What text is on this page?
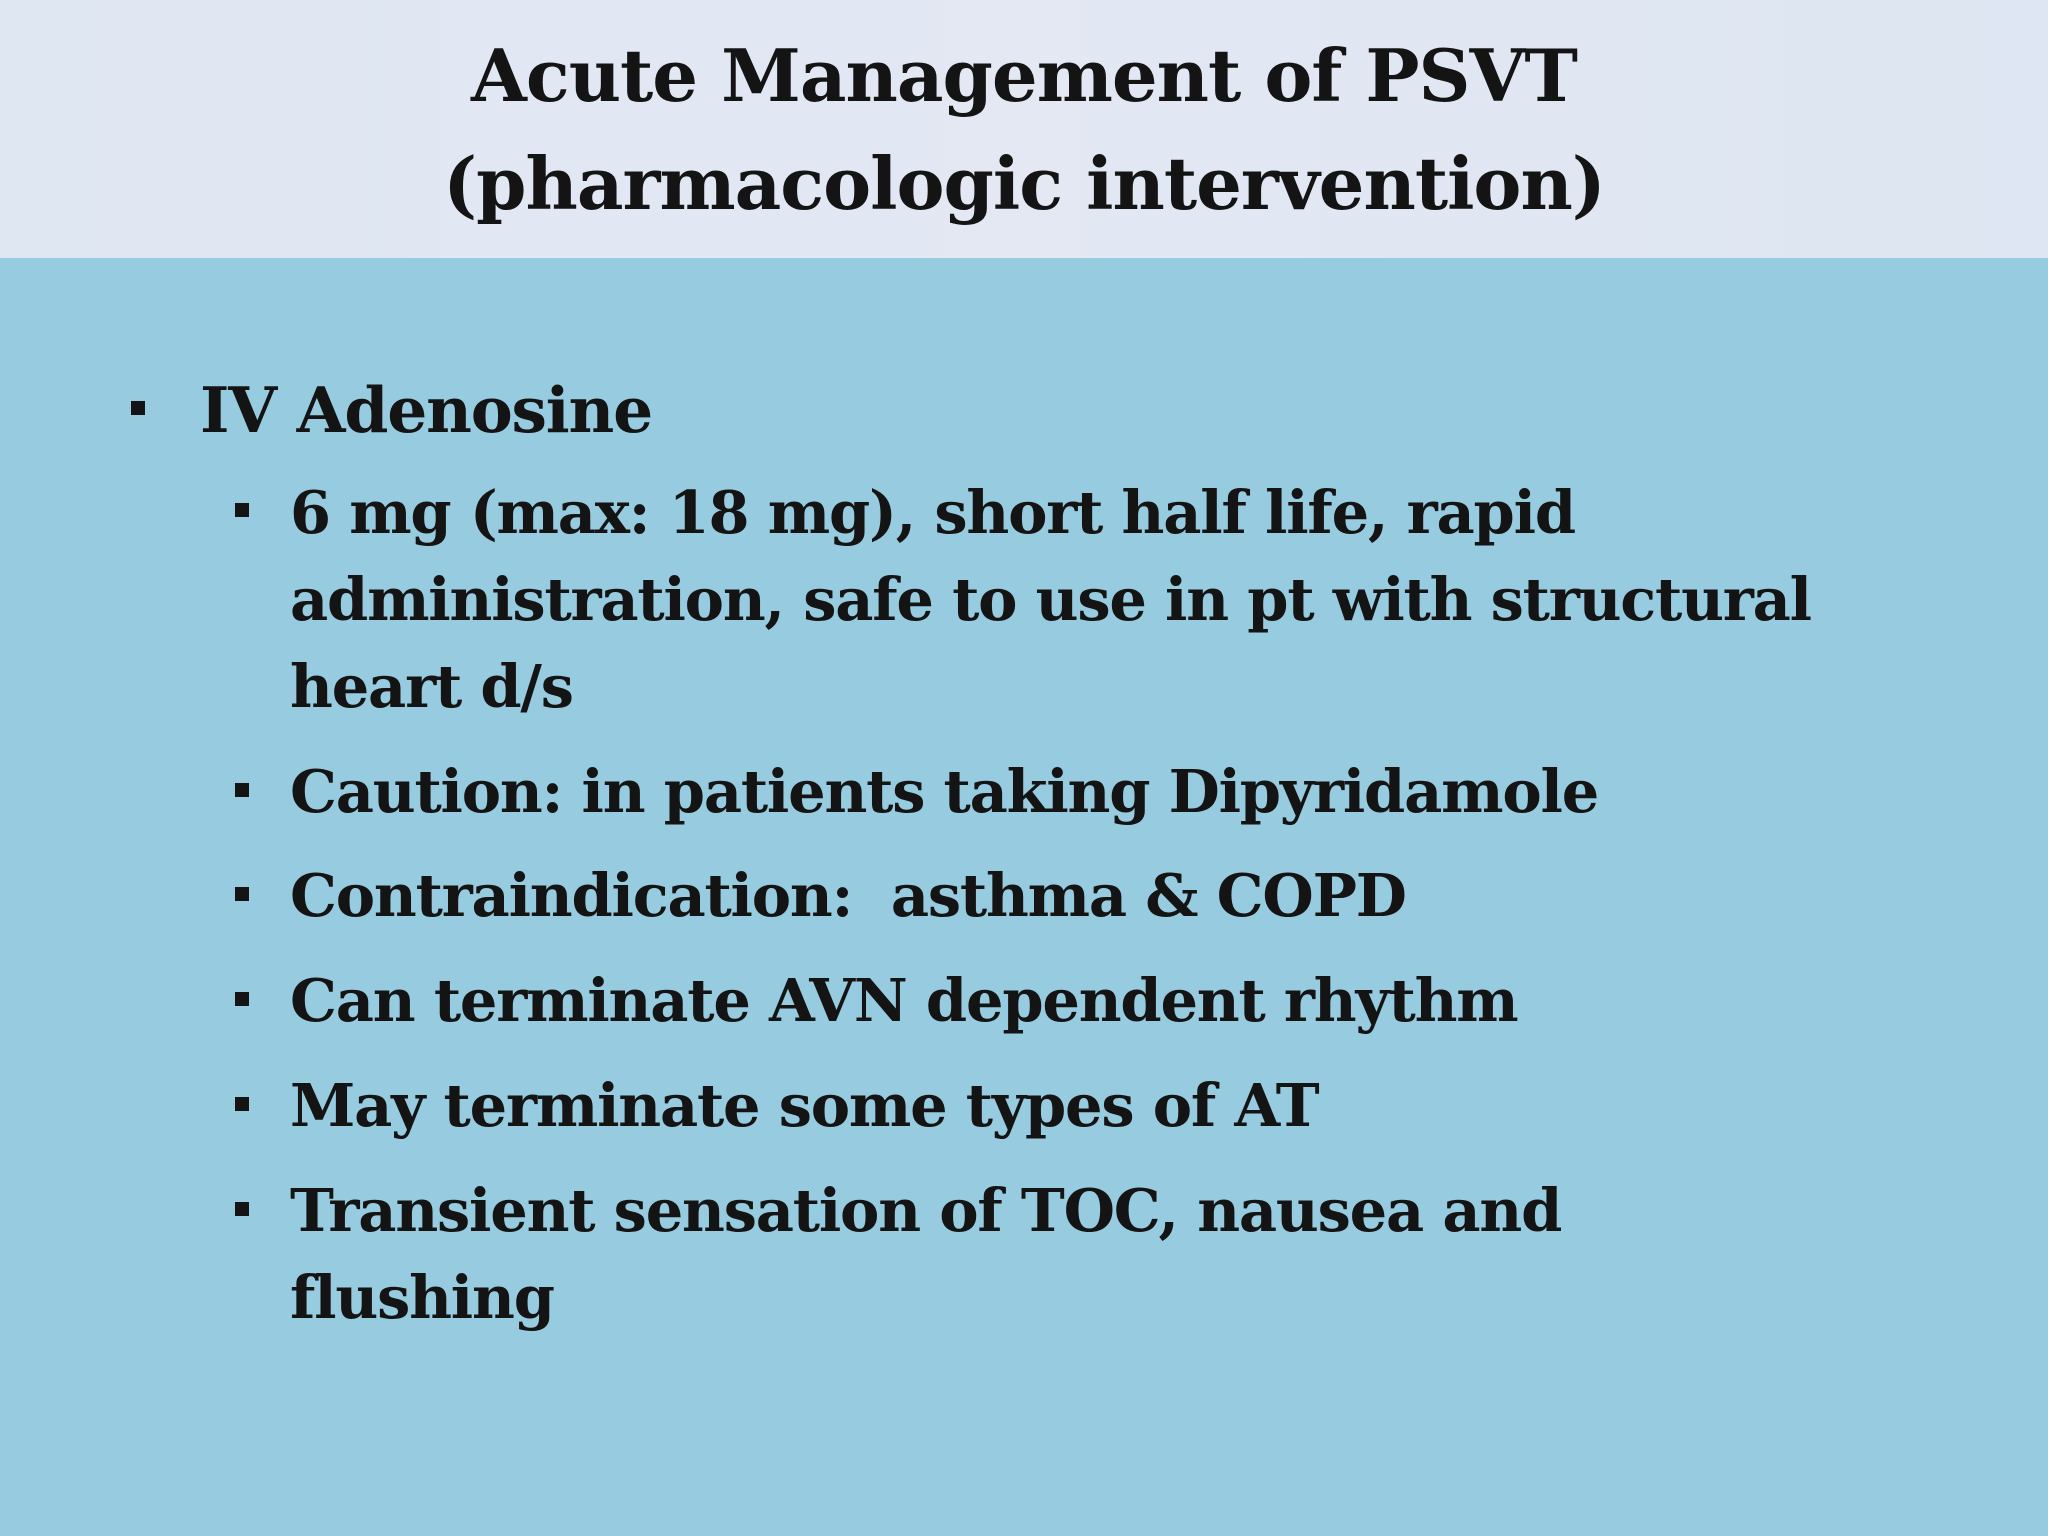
Acute Management of PSVT
(pharmacologic intervention)
IV Adenosine
6 mg (max: 18 mg), short half life, rapid
administration, safe to use in pt with structural
heart d/s
Caution: in patients taking Dipyridamole
Contraindication:  asthma & COPD
Can terminate AVN dependent rhythm
May terminate some types of AT
Transient sensation of TOC, nausea and
flushing
